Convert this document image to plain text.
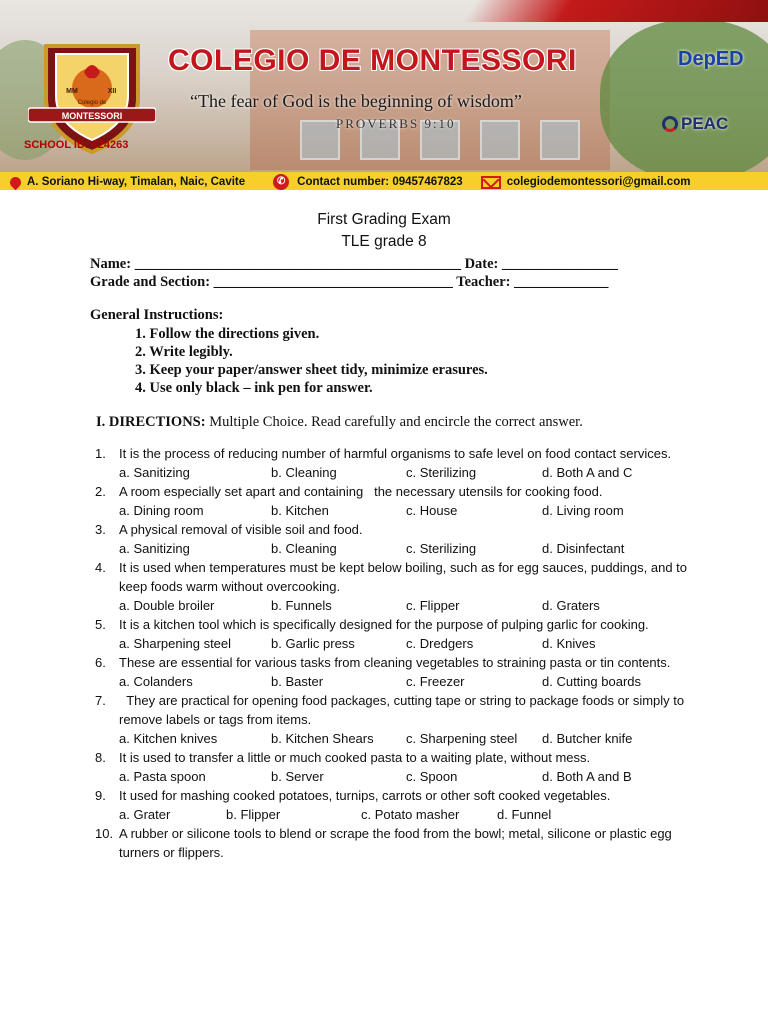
MONTESSORI
MM	XII
Colegio de
SCHOOL ID: 424263
COLEGIO DE MONTESSORI
“The fear of God is the beginning of wisdom”
PROVERBS 9:10
DepED
PEAC
A. Soriano Hi-way, Timalan, Naic, Cavite	✆	Contact number: 09457467823	colegiodemontessori@gmail.com
First Grading Exam
TLE grade 8
Name: _____________________________________________ Date: ________________
Grade and Section: _________________________________ Teacher: _____________
General Instructions:
1. Follow the directions given.
2. Write legibly.
3. Keep your paper/answer sheet tidy, minimize erasures.
4. Use only black – ink pen for answer.
I. DIRECTIONS: Multiple Choice. Read carefully and encircle the correct answer.
1.	It is the process of reducing number of harmful organisms to safe level on food contact services.
a. Sanitizing	b. Cleaning	c. Sterilizing	d. Both A and C
2.	A room especially set apart and containing   the necessary utensils for cooking food.
a. Dining room	b. Kitchen	c. House	d. Living room
3.	A physical removal of visible soil and food.
a. Sanitizing	b. Cleaning	c. Sterilizing	d. Disinfectant
4.	It is used when temperatures must be kept below boiling, such as for egg sauces, puddings, and to keep foods warm without overcooking.
a. Double broiler	b. Funnels	c. Flipper	d. Graters
5.	It is a kitchen tool which is specifically designed for the purpose of pulping garlic for cooking.
a. Sharpening steel	b. Garlic press	c. Dredgers	d. Knives
6.	These are essential for various tasks from cleaning vegetables to straining pasta or tin contents.
a. Colanders	b. Baster	c. Freezer	d. Cutting boards
7.	They are practical for opening food packages, cutting tape or string to package foods or simply to remove labels or tags from items.
a. Kitchen knives	b. Kitchen Shears c. Sharpening steel d. Butcher knife
8.	It is used to transfer a little or much cooked pasta to a waiting plate, without mess.
a. Pasta spoon	b. Server	c. Spoon	d. Both A and B
9.	It used for mashing cooked potatoes, turnips, carrots or other soft cooked vegetables.
a. Grater	b. Flipper	c. Potato masher	d. Funnel
10. A rubber or silicone tools to blend or scrape the food from the bowl; metal, silicone or plastic egg turners or flippers.
